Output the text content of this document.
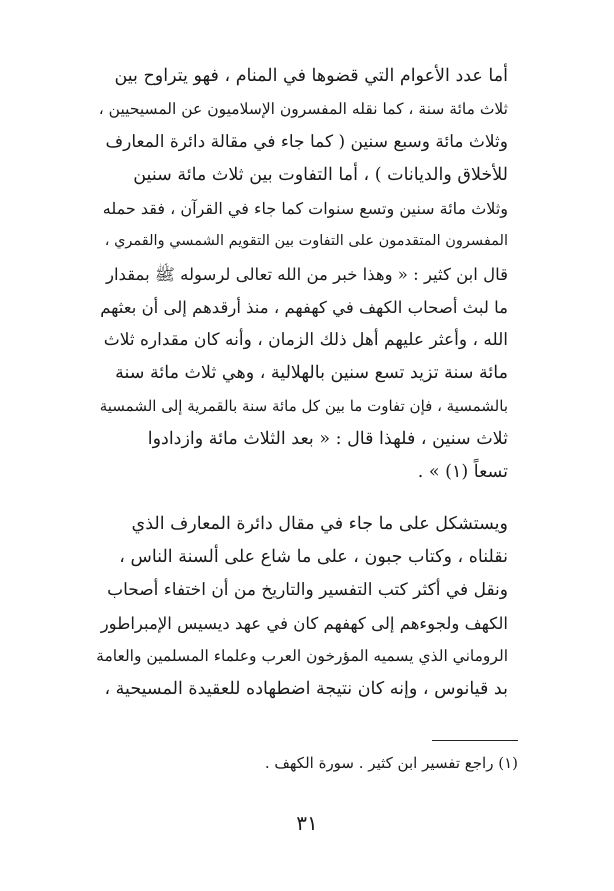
أما عدد الأعوام التي قضوها في المنام ، فهو يتراوح بين
ثلاث مائة سنة ، كما نقله المفسرون الإسلاميون عن المسيحيين ،
وثلاث مائة وسبع سنين ( كما جاء في مقالة دائرة المعارف
للأخلاق والديانات ) ، أما التفاوت بين ثلاث مائة سنين
وثلاث مائة سنين وتسع سنوات كما جاء في القرآن ، فقد حمله
المفسرون المتقدمون على التفاوت بين التقويم الشمسي والقمري ،
قال ابن كثير : « وهذا خبر من الله تعالى لرسوله ﷺ بمقدار
ما لبث أصحاب الكهف في كهفهم ، منذ أرقدهم إلى أن بعثهم
الله ، وأعثر عليهم أهل ذلك الزمان ، وأنه كان مقداره ثلاث
مائة سنة تزيد تسع سنين بالهلالية ، وهي ثلاث مائة سنة
بالشمسية ، فإن تفاوت ما بين كل مائة سنة بالقمرية إلى الشمسية
ثلاث سنين ، فلهذا قال : « بعد الثلاث مائة وازدادوا
تسعاً (١) » .
ويستشكل على ما جاء في مقال دائرة المعارف الذي
نقلناه ، وكتاب جبون ، على ما شاع على ألسنة الناس ،
ونقل في أكثر كتب التفسير والتاريخ من أن اختفاء أصحاب
الكهف ولجوءهم إلى كهفهم كان في عهد ديسيس الإمبراطور
الروماني الذي يسميه المؤرخون العرب وعلماء المسلمين والعامة
بد قيانوس ، وإنه كان نتيجة اضطهاده للعقيدة المسيحية ،
(١) راجع تفسير ابن كثير . سورة الكهف .
٣١
